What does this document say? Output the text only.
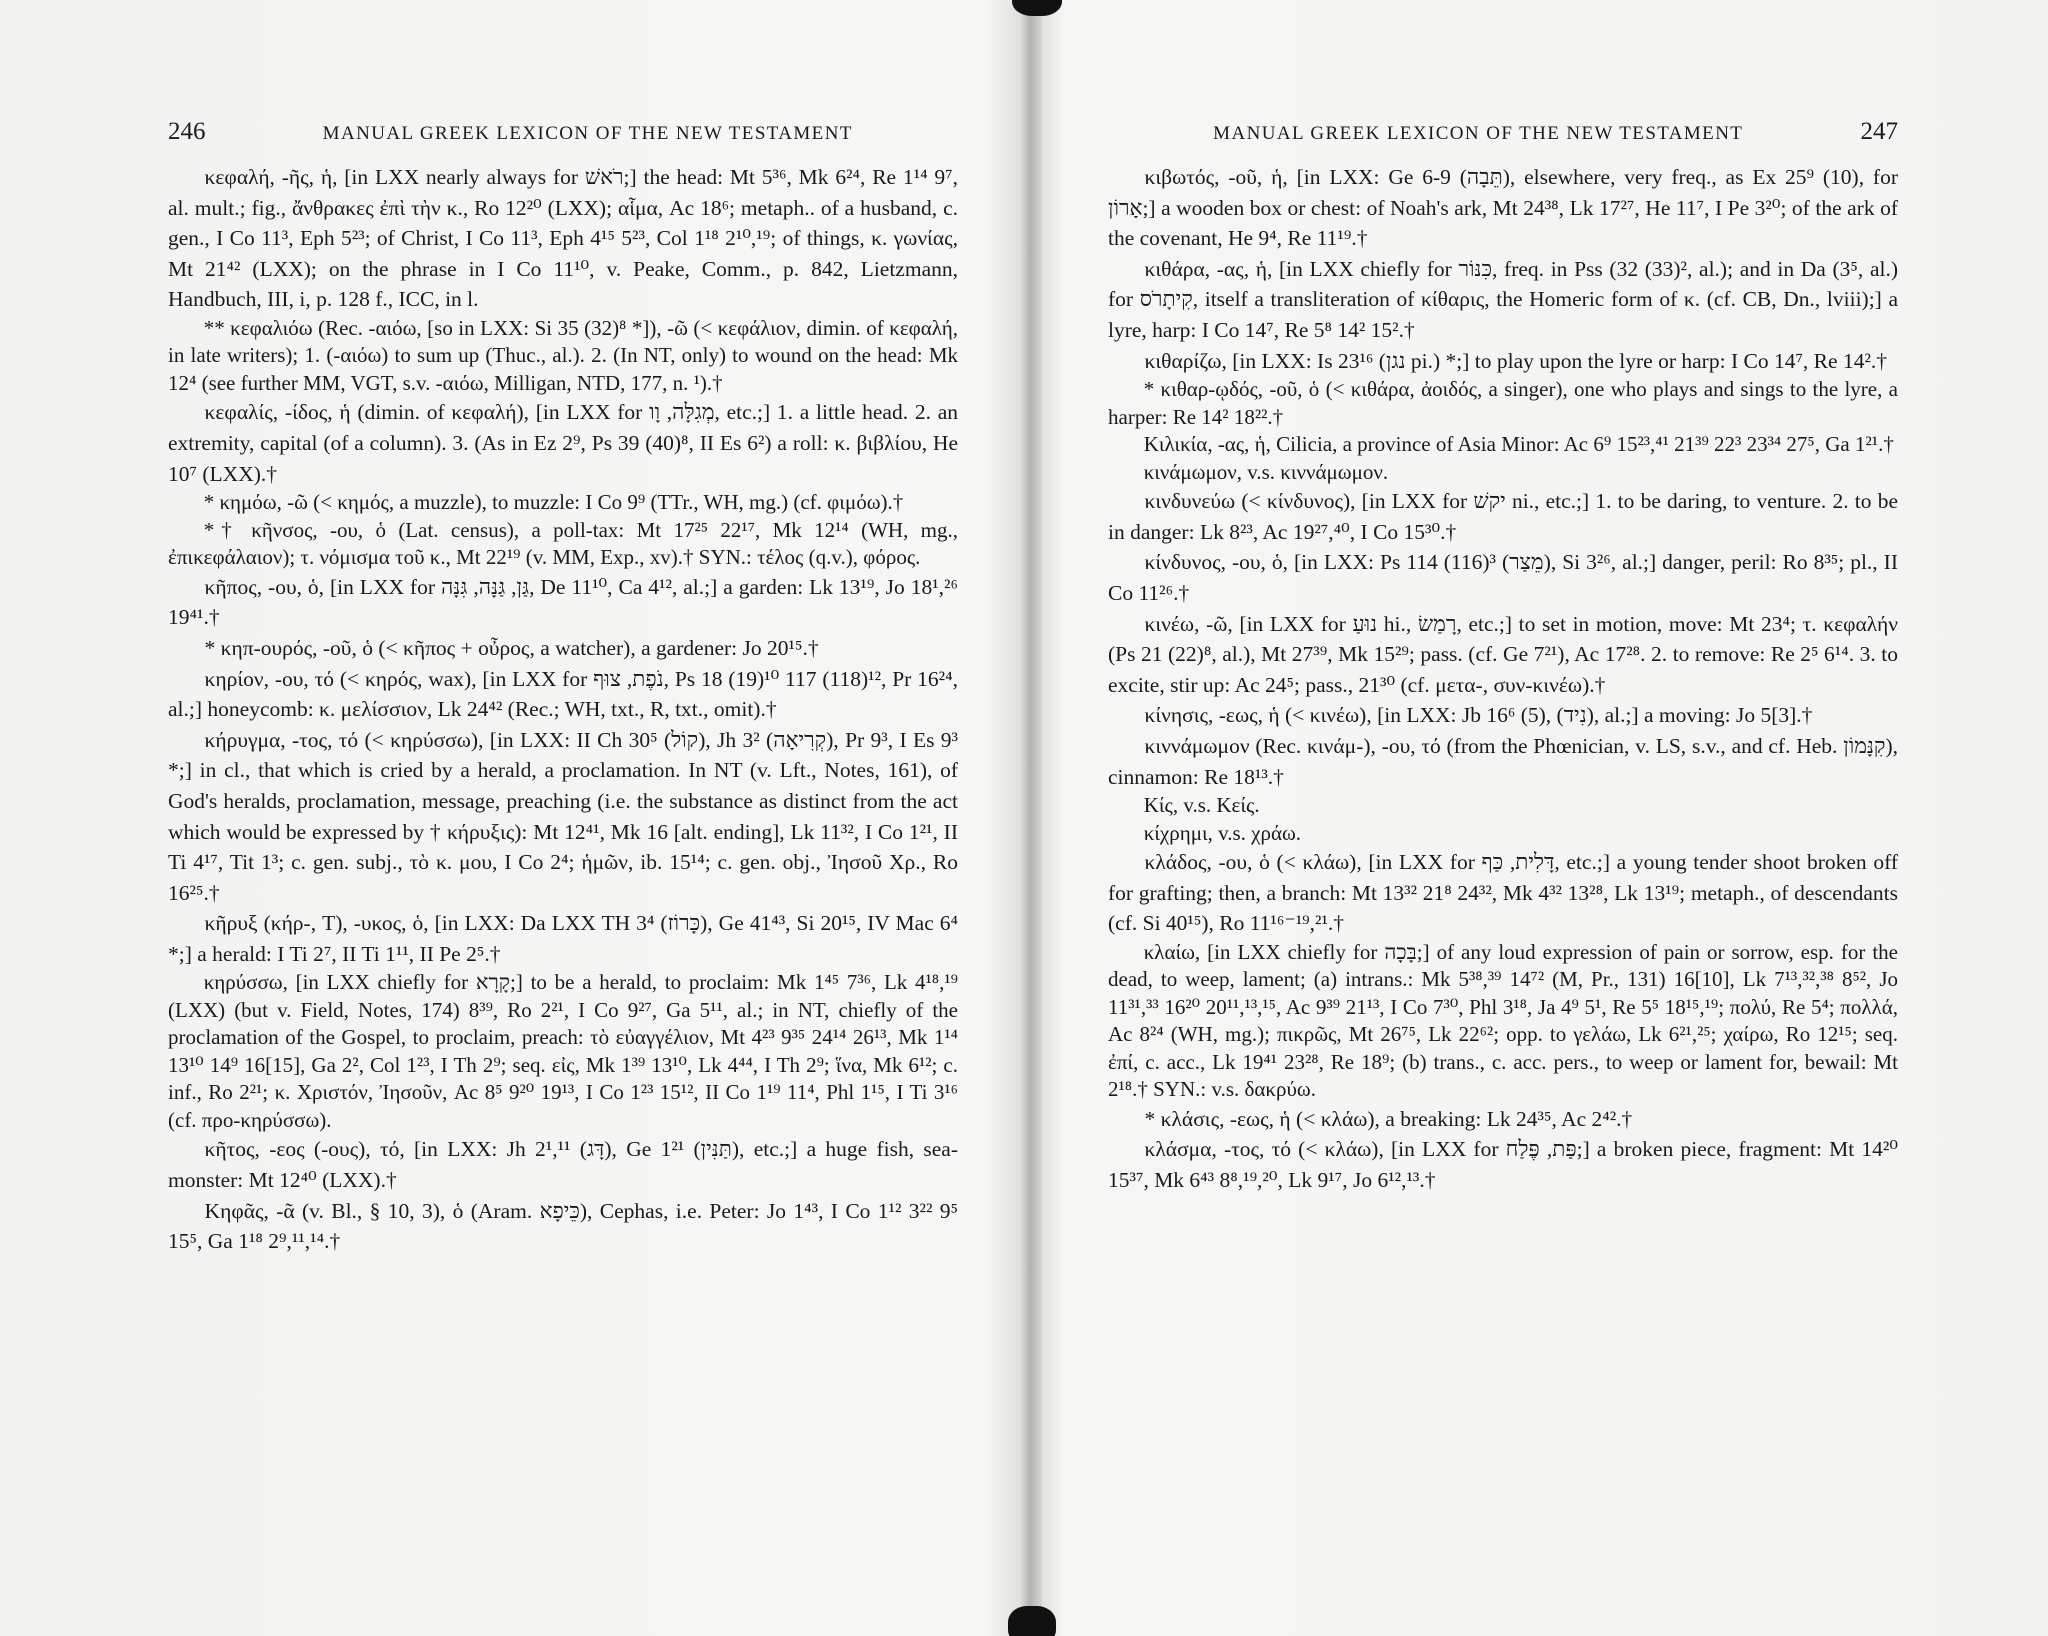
246	MANUAL GREEK LEXICON OF THE NEW TESTAMENT

κεφαλή, -ῆς, ἡ, [in LXX nearly always for רֹאשׁ;] the head: Mt 5³⁶, Mk 6²⁴, Re 1¹⁴ 9⁷, al. mult.; fig., ἄνθρακες ἐπὶ τὴν κ., Ro 12²⁰ (LXX); αἷμα, Ac 18⁶; metaph.. of a husband, c. gen., I Co 11³, Eph 5²³; of Christ, I Co 11³, Eph 4¹⁵ 5²³, Col 1¹⁸ 2¹⁰,¹⁹; of things, κ. γωνίας, Mt 21⁴² (LXX); on the phrase in I Co 11¹⁰, v. Peake, Comm., p. 842, Lietzmann, Handbuch, III, i, p. 128 f., ICC, in l.

** κεφαλιόω (Rec. -αιόω, [so in LXX: Si 35 (32)⁸ *]), -ῶ (< κεφάλιον, dimin. of κεφαλή, in late writers); 1. (-αιόω) to sum up (Thuc., al.). 2. (In NT, only) to wound on the head: Mk 12⁴ (see further MM, VGT, s.v. -αιόω, Milligan, NTD, 177, n. ¹).†

κεφαλίς, -ίδος, ἡ (dimin. of κεφαλή), [in LXX for מְגִלָּה, וָו, etc.;] 1. a little head. 2. an extremity, capital (of a column). 3. (As in Ez 2⁹, Ps 39 (40)⁸, II Es 6²) a roll: κ. βιβλίου, He 10⁷ (LXX).†

* κημόω, -ῶ (< κημός, a muzzle), to muzzle: I Co 9⁹ (TTr., WH, mg.) (cf. φιμόω).†

*† κῆνσος, -ου, ὁ (Lat. census), a poll-tax: Mt 17²⁵ 22¹⁷, Mk 12¹⁴ (WH, mg., ἐπικεφάλαιον); τ. νόμισμα τοῦ κ., Mt 22¹⁹ (v. MM, Exp., xv).† SYN.: τέλος (q.v.), φόρος.

κῆπος, -ου, ὁ, [in LXX for גַּן, גַּנָּה, גִּנָּה, De 11¹⁰, Ca 4¹², al.;] a garden: Lk 13¹⁹, Jo 18¹,²⁶ 19⁴¹.†

* κηπ-ουρός, -οῦ, ὁ (< κῆπος + οὖρος, a watcher), a gardener: Jo 20¹⁵.†

κηρίον, -ου, τό (< κηρός, wax), [in LXX for נֹפֶת, צוּף, Ps 18 (19)¹⁰ 117 (118)¹², Pr 16²⁴, al.;] honeycomb: κ. μελίσσιον, Lk 24⁴² (Rec.; WH, txt., R, txt., omit).†

κήρυγμα, -τος, τό (< κηρύσσω), [in LXX: II Ch 30⁵ (קוֹל), Jh 3² (קְרִיאָה), Pr 9³, I Es 9³ *;] in cl., that which is cried by a herald, a proclamation. In NT (v. Lft., Notes, 161), of God's heralds, proclamation, message, preaching (i.e. the substance as distinct from the act which would be expressed by † κήρυξις): Mt 12⁴¹, Mk 16 [alt. ending], Lk 11³², I Co 1²¹, II Ti 4¹⁷, Tit 1³; c. gen. subj., τὸ κ. μου, I Co 2⁴; ἡμῶν, ib. 15¹⁴; c. gen. obj., Ἰησοῦ Χρ., Ro 16²⁵.†

κῆρυξ (κήρ-, T), -υκος, ὁ, [in LXX: Da LXX TH 3⁴ (כָּרוֹז), Ge 41⁴³, Si 20¹⁵, IV Mac 6⁴ *;] a herald: I Ti 2⁷, II Ti 1¹¹, II Pe 2⁵.†

κηρύσσω, [in LXX chiefly for קָרָא;] to be a herald, to proclaim: Mk 1⁴⁵ 7³⁶, Lk 4¹⁸,¹⁹ (LXX) (but v. Field, Notes, 174) 8³⁹, Ro 2²¹, I Co 9²⁷, Ga 5¹¹, al.; in NT, chiefly of the proclamation of the Gospel, to proclaim, preach: τὸ εὐαγγέλιον, Mt 4²³ 9³⁵ 24¹⁴ 26¹³, Mk 1¹⁴ 13¹⁰ 14⁹ 16[15], Ga 2², Col 1²³, I Th 2⁹; seq. εἰς, Mk 1³⁹ 13¹⁰, Lk 4⁴⁴, I Th 2⁹; ἵνα, Mk 6¹²; c. inf., Ro 2²¹; κ. Χριστόν, Ἰησοῦν, Ac 8⁵ 9²⁰ 19¹³, I Co 1²³ 15¹², II Co 1¹⁹ 11⁴, Phl 1¹⁵, I Ti 3¹⁶ (cf. προ-κηρύσσω).

κῆτος, -εος (-ους), τό, [in LXX: Jh 2¹,¹¹ (דָּג), Ge 1²¹ (תַּנִּין), etc.;] a huge fish, sea-monster: Mt 12⁴⁰ (LXX).†

Κηφᾶς, -ᾶ (v. Bl., § 10, 3), ὁ (Aram. כֵּיפָא), Cephas, i.e. Peter: Jo 1⁴³, I Co 1¹² 3²² 9⁵ 15⁵, Ga 1¹⁸ 2⁹,¹¹,¹⁴.†

MANUAL GREEK LEXICON OF THE NEW TESTAMENT	247

κιβωτός, -οῦ, ἡ, [in LXX: Ge 6-9 (תֵּבָה), elsewhere, very freq., as Ex 25⁹ (10), for אָרוֹן;] a wooden box or chest: of Noah's ark, Mt 24³⁸, Lk 17²⁷, He 11⁷, I Pe 3²⁰; of the ark of the covenant, He 9⁴, Re 11¹⁹.†

κιθάρα, -ας, ἡ, [in LXX chiefly for כִּנּוֹר, freq. in Pss (32 (33)², al.); and in Da (3⁵, al.) for קִיתָרֹס, itself a transliteration of κίθαρις, the Homeric form of κ. (cf. CB, Dn., lviii);] a lyre, harp: I Co 14⁷, Re 5⁸ 14² 15².†

κιθαρίζω, [in LXX: Is 23¹⁶ (נגן pi.) *;] to play upon the lyre or harp: I Co 14⁷, Re 14².†

* κιθαρ-ῳδός, -οῦ, ὁ (< κιθάρα, ἀοιδός, a singer), one who plays and sings to the lyre, a harper: Re 14² 18²².†

Κιλικία, -ας, ἡ, Cilicia, a province of Asia Minor: Ac 6⁹ 15²³,⁴¹ 21³⁹ 22³ 23³⁴ 27⁵, Ga 1²¹.†

κινάμωμον, v.s. κιννάμωμον.

κινδυνεύω (< κίνδυνος), [in LXX for יקשׁ ni., etc.;] 1. to be daring, to venture. 2. to be in danger: Lk 8²³, Ac 19²⁷,⁴⁰, I Co 15³⁰.†

κίνδυνος, -ου, ὁ, [in LXX: Ps 114 (116)³ (מֵצַר), Si 3²⁶, al.;] danger, peril: Ro 8³⁵; pl., II Co 11²⁶.†

κινέω, -ῶ, [in LXX for נוּעַ hi., רָמַשׂ, etc.;] to set in motion, move: Mt 23⁴; τ. κεφαλήν (Ps 21 (22)⁸, al.), Mt 27³⁹, Mk 15²⁹; pass. (cf. Ge 7²¹), Ac 17²⁸. 2. to remove: Re 2⁵ 6¹⁴. 3. to excite, stir up: Ac 24⁵; pass., 21³⁰ (cf. μετα-, συν-κινέω).†

κίνησις, -εως, ἡ (< κινέω), [in LXX: Jb 16⁶ (5), (נִיד), al.;] a moving: Jo 5[3].†

κιννάμωμον (Rec. κινάμ-), -ου, τό (from the Phœnician, v. LS, s.v., and cf. Heb. קִנָּמוֹן), cinnamon: Re 18¹³.†

Κίς, v.s. Κείς.

κίχρημι, v.s. χράω.

κλάδος, -ου, ὁ (< κλάω), [in LXX for דָּלִית, כַּף, etc.;] a young tender shoot broken off for grafting; then, a branch: Mt 13³² 21⁸ 24³², Mk 4³² 13²⁸, Lk 13¹⁹; metaph., of descendants (cf. Si 40¹⁵), Ro 11¹⁶⁻¹⁹,²¹.†

κλαίω, [in LXX chiefly for בָּכָה;] of any loud expression of pain or sorrow, esp. for the dead, to weep, lament; (a) intrans.: Mk 5³⁸,³⁹ 14⁷² (M, Pr., 131) 16[10], Lk 7¹³,³²,³⁸ 8⁵², Jo 11³¹,³³ 16²⁰ 20¹¹,¹³,¹⁵, Ac 9³⁹ 21¹³, I Co 7³⁰, Phl 3¹⁸, Ja 4⁹ 5¹, Re 5⁵ 18¹⁵,¹⁹; πολύ, Re 5⁴; πολλά, Ac 8²⁴ (WH, mg.); πικρῶς, Mt 26⁷⁵, Lk 22⁶²; opp. to γελάω, Lk 6²¹,²⁵; χαίρω, Ro 12¹⁵; seq. ἐπί, c. acc., Lk 19⁴¹ 23²⁸, Re 18⁹; (b) trans., c. acc. pers., to weep or lament for, bewail: Mt 2¹⁸.† SYN.: v.s. δακρύω.

* κλάσις, -εως, ἡ (< κλάω), a breaking: Lk 24³⁵, Ac 2⁴².†

κλάσμα, -τος, τό (< κλάω), [in LXX for פַּת, פֶּלַח;] a broken piece, fragment: Mt 14²⁰ 15³⁷, Mk 6⁴³ 8⁸,¹⁹,²⁰, Lk 9¹⁷, Jo 6¹²,¹³.†
